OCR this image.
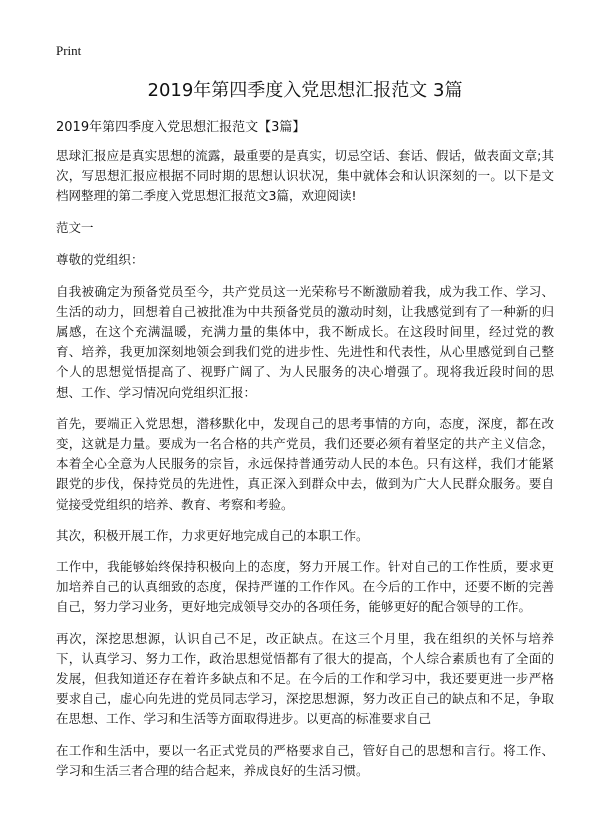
Print
2019年第四季度入党思想汇报范文 3篇
2019年第四季度入党思想汇报范文【3篇】

思球汇报应是真实思想的流露，最重要的是真实，切忌空话、套话、假话，做表面文章;其次，写思想汇报应根据不同时期的思想认识状况，集中就体会和认识深刻的一。以下是文档网整理的第二季度入党思想汇报范文3篇，欢迎阅读!

范文一
尊敬的党组织：

自我被确定为预备党员至今，共产党员这一光荣称号不断激励着我，成为我工作、学习、生活的动力，回想着自己被批准为中共预备党员的激动时刻，让我感觉到有了一种新的归属感，在这个充满温暖，充满力量的集体中，我不断成长。在这段时间里，经过党的教育、培养，我更加深刻地领会到我们党的进步性、先进性和代表性，从心里感觉到自己整个人的思想觉悟提高了、视野广阔了、为人民服务的决心增强了。现将我近段时间的思想、工作、学习情况向党组织汇报：

首先，要端正入党思想，潜移默化中，发现自己的思考事情的方向，态度，深度，都在改变，这就是力量。要成为一名合格的共产党员，我们还要必须有着坚定的共产主义信念，本着全心全意为人民服务的宗旨，永远保持普通劳动人民的本色。只有这样，我们才能紧跟党的步伐，保持党员的先进性，真正深入到群众中去，做到为广大人民群众服务。要自觉接受党组织的培养、教育、考察和考验。

其次，积极开展工作，力求更好地完成自己的本职工作。

工作中，我能够始终保持积极向上的态度，努力开展工作。针对自己的工作性质，要求更加培养自己的认真细致的态度，保持严谨的工作作风。在今后的工作中，还要不断的完善自己，努力学习业务，更好地完成领导交办的各项任务，能够更好的配合领导的工作。

再次，深挖思想源，认识自己不足，改正缺点。在这三个月里，我在组织的关怀与培养下，认真学习、努力工作，政治思想觉悟都有了很大的提高，个人综合素质也有了全面的发展，但我知道还存在着许多缺点和不足。在今后的工作和学习中，我还要更进一步严格要求自己，虚心向先进的党员同志学习，深挖思想源，努力改正自己的缺点和不足，争取在思想、工作、学习和生活等方面取得进步。以更高的标准要求自己

在工作和生活中，要以一名正式党员的严格要求自己，管好自己的思想和言行。将工作、学习和生活三者合理的结合起来，养成良好的生活习惯。
